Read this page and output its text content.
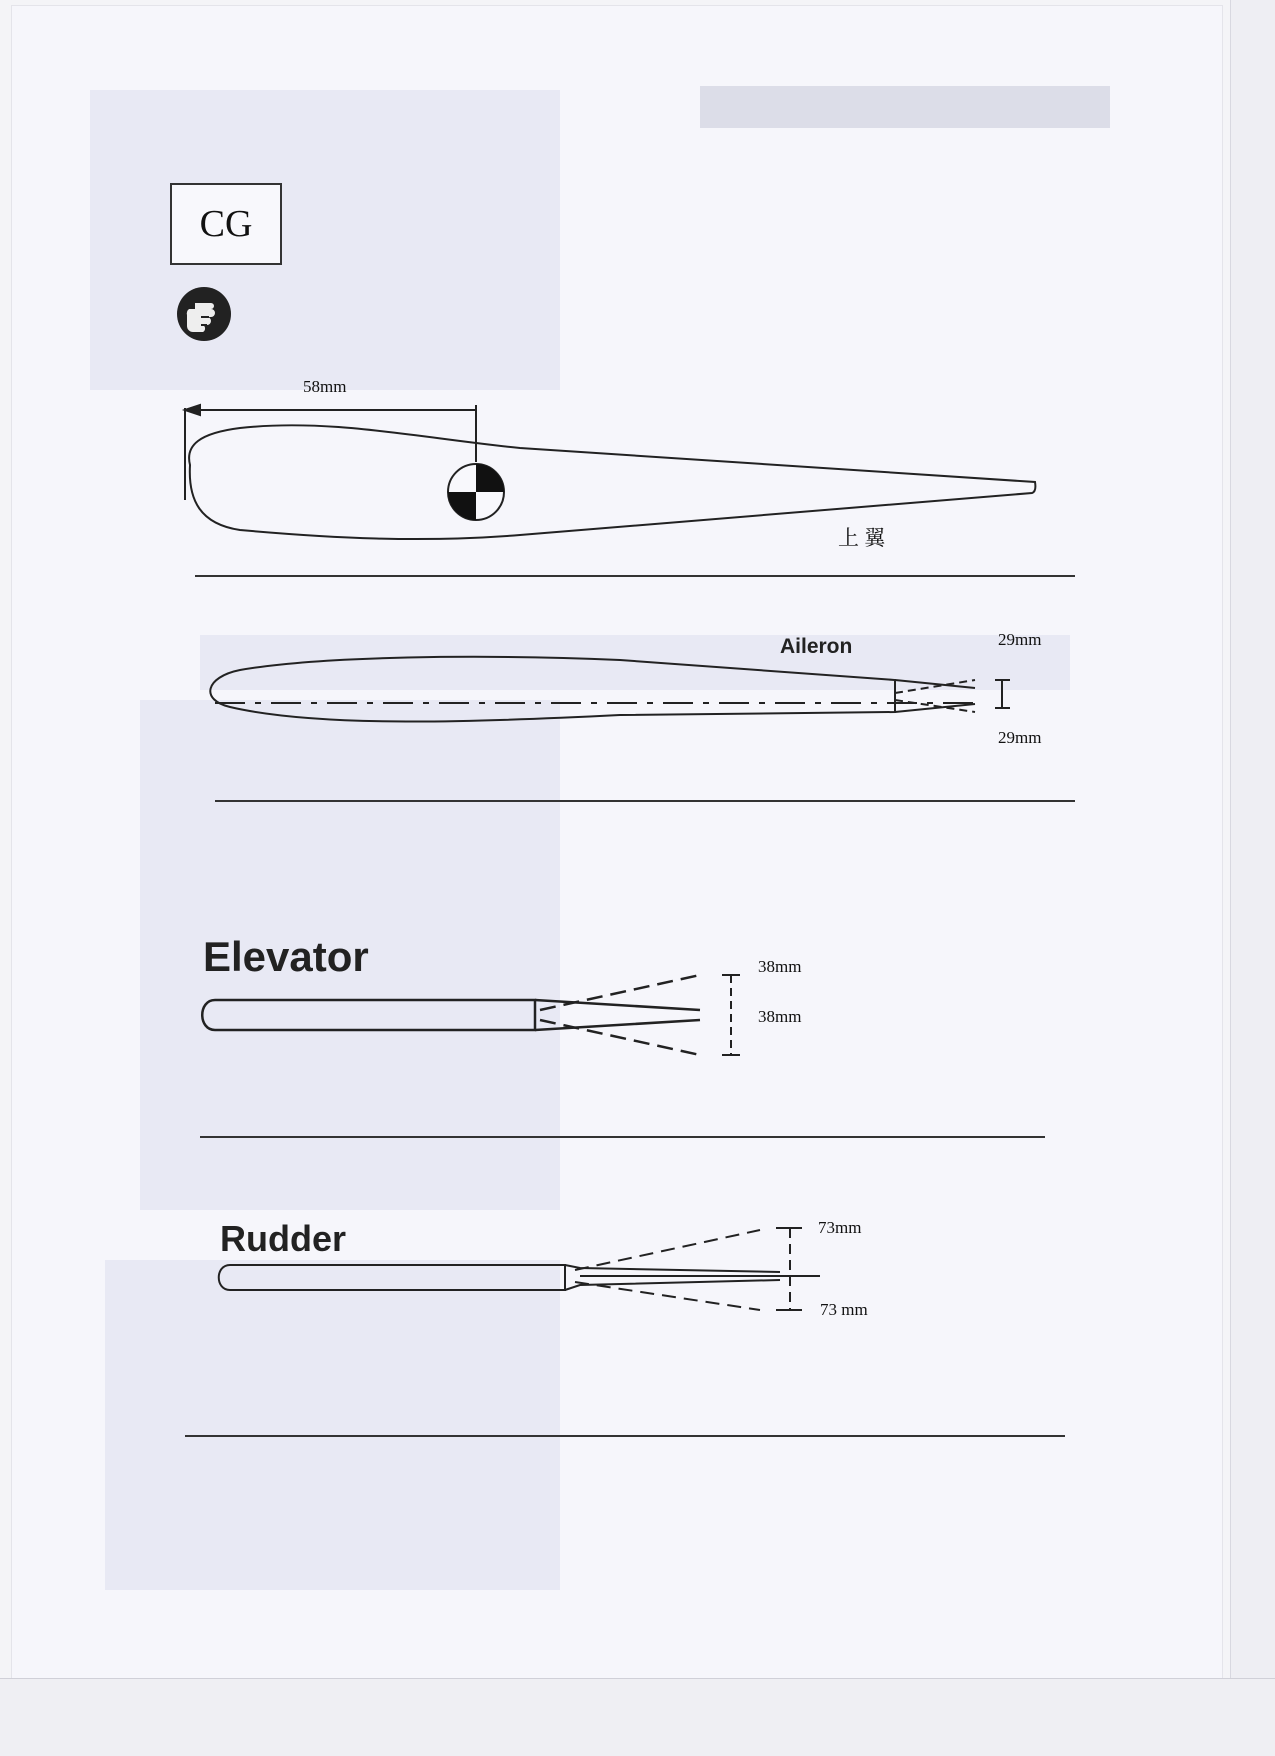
CG
58mm
上 翼
Aileron	29mm
29mm
Elevator	38mm
38mm
Rudder	73mm
73 mm
